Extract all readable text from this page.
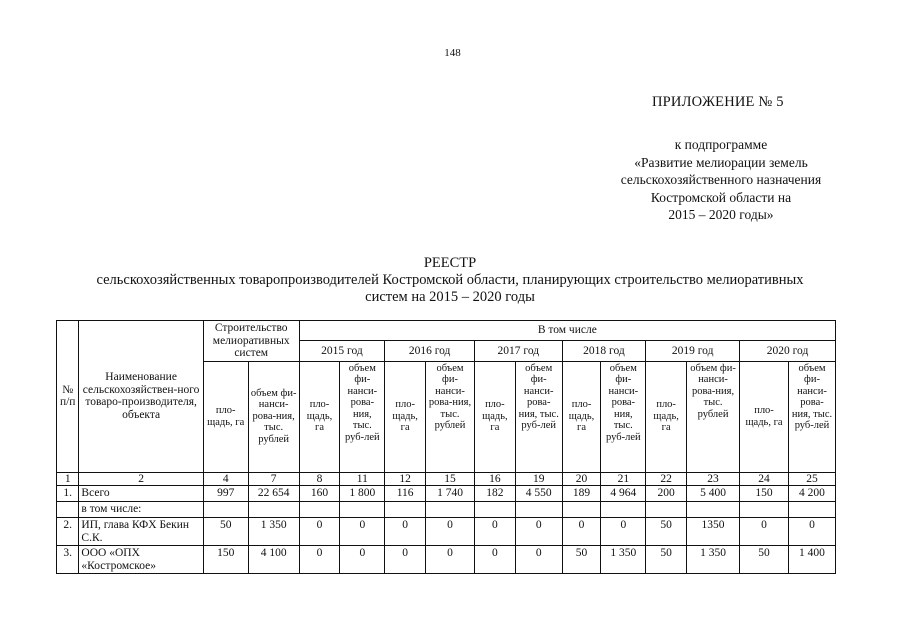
148
ПРИЛОЖЕНИЕ № 5
к подпрограмме
«Развитие мелиорации земель
сельскохозяйственного назначения
Костромской области на
2015 – 2020 годы»
РЕЕСТР
сельскохозяйственных товаропроизводителей Костромской области, планирующих строительство мелиоративных
систем на 2015 – 2020 годы
№ п/п	Наименование сельскохозяйствен-ного товаро-производителя, объекта	Строительство мелиоративных систем		В том числе											
				2015 год		2016 год		2017 год		2018 год		2019 год		2020 год	
		пло-щадь, га	объем фи-нанси-рова-ния, тыс. рублей	пло-щадь, га	объем фи-нанси-рова-ния, тыс. руб-лей	пло-щадь, га	объем фи-нанси-рова-ния, тыс. рублей	пло-щадь, га	объем фи-нанси-рова-ния, тыс. руб-лей	пло-щадь, га	объем фи-нанси-рова-ния, тыс. руб-лей	пло-щадь, га	объем фи-нанси-рова-ния, тыс. рублей	пло-щадь, га	объем фи-нанси-рова-ния, тыс. руб-лей
1	2	4	7	8	11	12	15	16	19	20	21	22	23	24	25
1.	Всего	997	22 654	160	1 800	116	1 740	182	4 550	189	4 964	200	5 400	150	4 200
	в том числе:														
2.	ИП, глава КФХ Бекин С.К.	50	1 350	0	0	0	0	0	0	0	0	50	1350	0	0
3.	ООО «ОПХ «Костромское»	150	4 100	0	0	0	0	0	0	50	1 350	50	1 350	50	1 400
